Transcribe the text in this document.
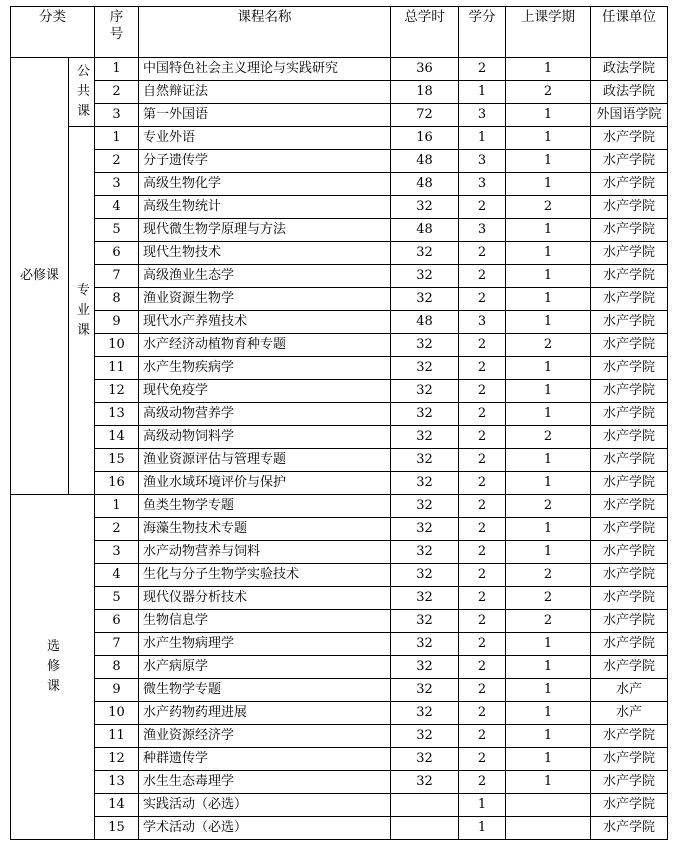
分类		序号	课程名称	总学时	学分	上课学期	任课单位
必修课	公共课	1	中国特色社会主义理论与实践研究	36	2	1	政法学院
		2	自然辩证法	18	1	2	政法学院
		3	第一外国语	72	3	1	外国语学院
	专业课	1	专业外语	16	1	1	水产学院
		2	分子遗传学	48	3	1	水产学院
		3	高级生物化学	48	3	1	水产学院
		4	高级生物统计	32	2	2	水产学院
		5	现代微生物学原理与方法	48	3	1	水产学院
		6	现代生物技术	32	2	1	水产学院
		7	高级渔业生态学	32	2	1	水产学院
		8	渔业资源生物学	32	2	1	水产学院
		9	现代水产养殖技术	48	3	1	水产学院
		10	水产经济动植物育种专题	32	2	2	水产学院
		11	水产生物疾病学	32	2	1	水产学院
		12	现代免疫学	32	2	1	水产学院
		13	高级动物营养学	32	2	1	水产学院
		14	高级动物饲料学	32	2	2	水产学院
		15	渔业资源评估与管理专题	32	2	1	水产学院
		16	渔业水域环境评价与保护	32	2	1	水产学院
选修课		1	鱼类生物学专题	32	2	2	水产学院
		2	海藻生物技术专题	32	2	1	水产学院
		3	水产动物营养与饲料	32	2	1	水产学院
		4	生化与分子生物学实验技术	32	2	2	水产学院
		5	现代仪器分析技术	32	2	2	水产学院
		6	生物信息学	32	2	2	水产学院
		7	水产生物病理学	32	2	1	水产学院
		8	水产病原学	32	2	1	水产学院
		9	微生物学专题	32	2	1	水产
		10	水产药物药理进展	32	2	1	水产
		11	渔业资源经济学	32	2	1	水产学院
		12	种群遗传学	32	2	1	水产学院
		13	水生生态毒理学	32	2	1	水产学院
		14	实践活动（必选）		1		水产学院
		15	学术活动（必选）		1		水产学院
